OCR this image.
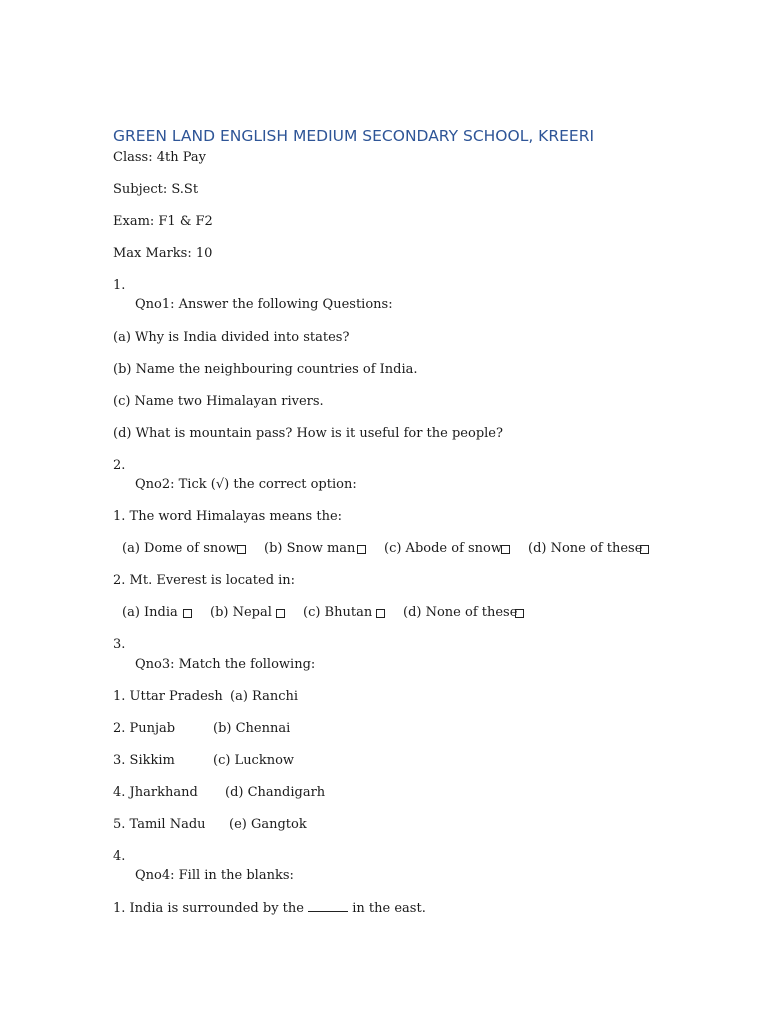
GREEN LAND ENGLISH MEDIUM SECONDARY SCHOOL, KREERI
Class: 4th Pay
Subject: S.St
Exam: F1 & F2
Max Marks: 10
1.
Qno1: Answer the following Questions:
(a) Why is India divided into states?
(b) Name the neighbouring countries of India.
(c) Name two Himalayan rivers.
(d) What is mountain pass? How is it useful for the people?
2.
Qno2: Tick (√) the correct option:
1. The word Himalayas means the:
(a) Dome of snow (b) Snow man (c) Abode of snow (d) None of these
2. Mt. Everest is located in:
(a) India (b) Nepal (c) Bhutan (d) None of these
3.
Qno3: Match the following:
1. Uttar Pradesh (a) Ranchi
2. Punjab	(b) Chennai
3. Sikkim	(c) Lucknow
4. Jharkhand (d) Chandigarh
5. Tamil Nadu (e) Gangtok
4.
Qno4: Fill in the blanks:
1. India is surrounded by the	in the east.
